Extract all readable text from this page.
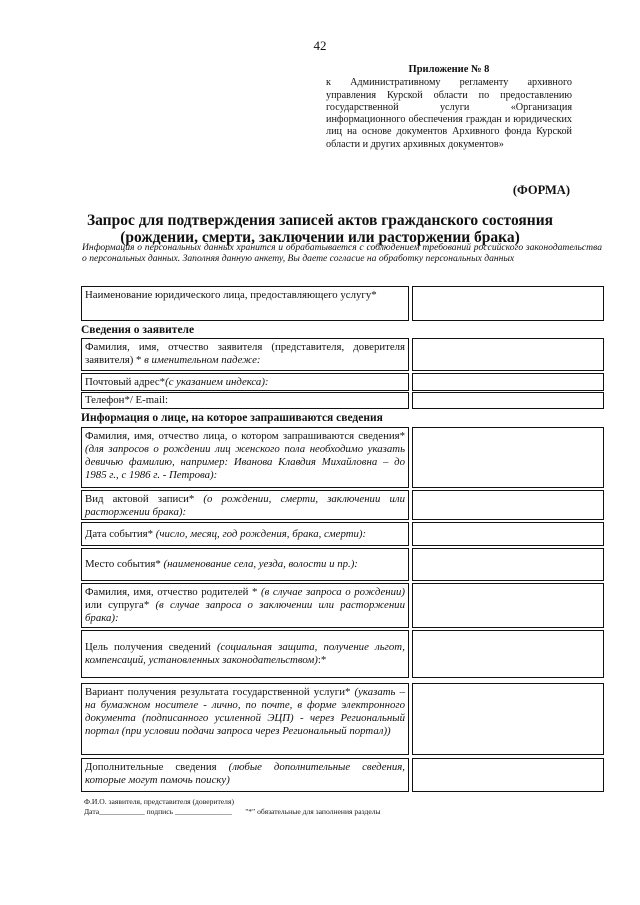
42
Приложение № 8
к Административному регламенту архивного управления Курской области по предоставлению государственной услуги «Организация информационного обеспечения граждан и юридических лиц на основе документов Архивного фонда Курской области и других архивных документов»
(ФОРМА)
Запрос для подтверждения записей актов гражданского состояния
(рождении, смерти, заключении или расторжении брака)
Информация о персональных данных хранится и обрабатывается с соблюдением требований российского законодательства о персональных данных. Заполняя данную анкету, Вы даете согласие на обработку персональных данных
Наименование юридического лица, предоставляющего услугу*
Сведения о заявителе
Фамилия, имя, отчество заявителя (представителя, доверителя заявителя) * в именительном падеже:
Почтовый адрес*(с указанием индекса):
Телефон*/ E-mail:
Информация о лице, на которое запрашиваются сведения
Фамилия, имя, отчество лица, о котором запрашиваются сведения* (для запросов о рождении лиц женского пола необходимо указать девичью фамилию, например: Иванова Клавдия Михайловна – до 1985 г., с 1986 г. - Петрова):
Вид актовой записи* (о рождении, смерти, заключении или расторжении брака):
Дата события* (число, месяц, год рождения, брака, смерти):
Место события* (наименование села, уезда, волости и пр.):
Фамилия, имя, отчество родителей * (в случае запроса о рождении) или супруга* (в случае запроса о заключении или расторжении брака):
Цель получения сведений (социальная защита, получение льгот, компенсаций, установленных законодательством):*
Вариант получения результата государственной услуги* (указать – на бумажном носителе - лично, по почте, в форме электронного документа (подписанного усиленной ЭЦП) - через Региональный портал (при условии подачи запроса через Региональный портал))
Дополнительные сведения (любые дополнительные сведения, которые могут помочь поиску)
Ф.И.О. заявителя, представителя (доверителя)
Дата____________ подпись _______________       "*" обязательные для заполнения разделы
